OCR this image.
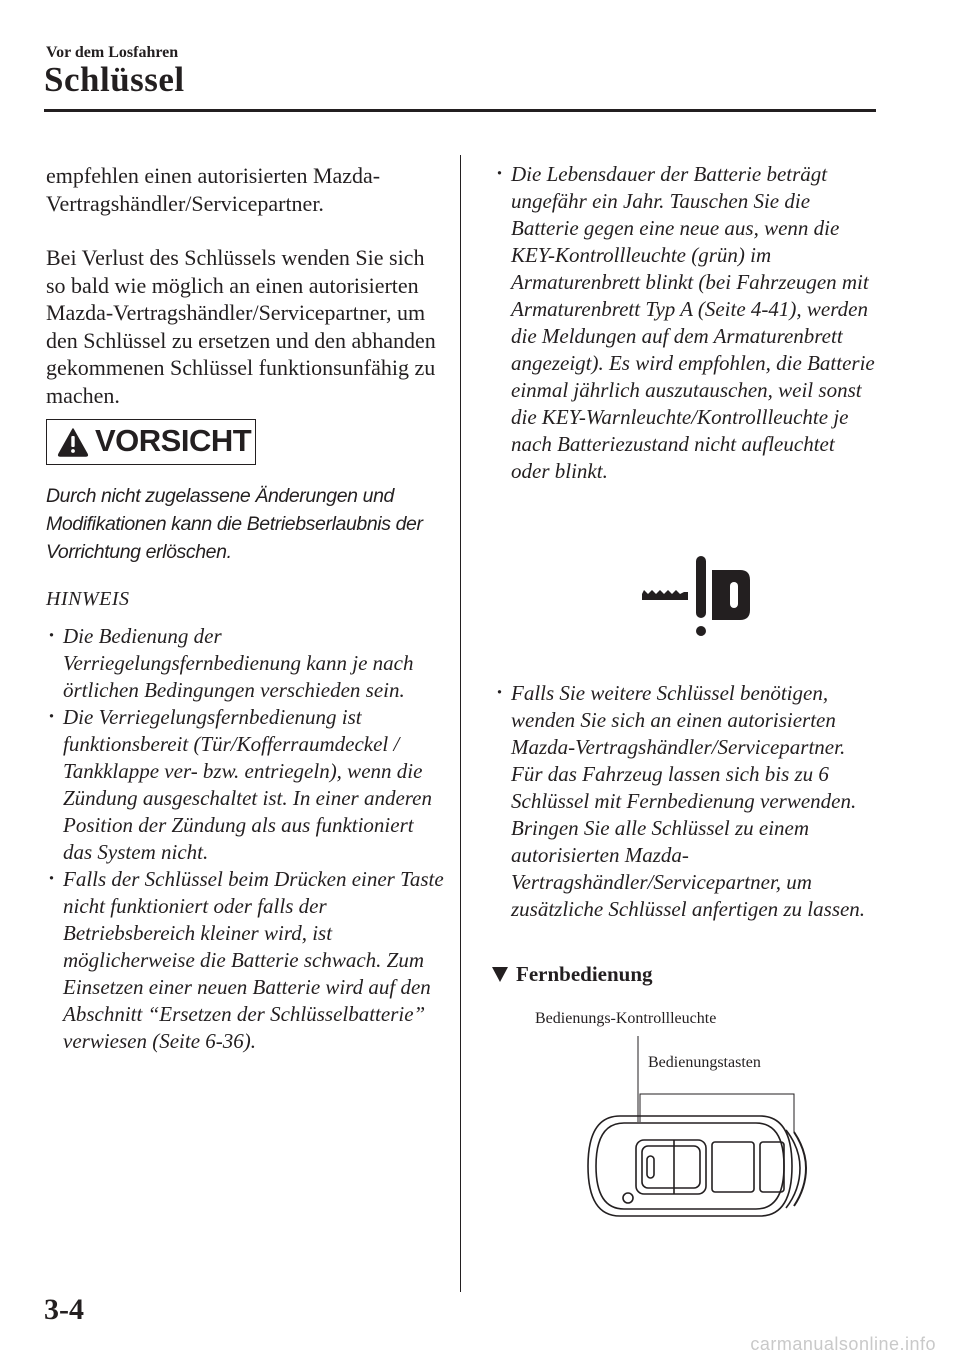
Vor dem Losfahren
Schlüssel

empfehlen einen autorisierten Mazda-Vertragshändler/Servicepartner.

Bei Verlust des Schlüssels wenden Sie sich so bald wie möglich an einen autorisierten Mazda-Vertragshändler/Servicepartner, um den Schlüssel zu ersetzen und den abhanden gekommenen Schlüssel funktionsunfähig zu machen.

VORSICHT
Durch nicht zugelassene Änderungen und Modifikationen kann die Betriebserlaubnis der Vorrichtung erlöschen.
HINWEIS
· Die Bedienung der Verriegelungsfernbedienung kann je nach örtlichen Bedingungen verschieden sein.
· Die Verriegelungsfernbedienung ist funktionsbereit (Tür/Kofferraumdeckel / Tankklappe ver- bzw. entriegeln), wenn die Zündung ausgeschaltet ist. In einer anderen Position der Zündung als aus funktioniert das System nicht.
· Falls der Schlüssel beim Drücken einer Taste nicht funktioniert oder falls der Betriebsbereich kleiner wird, ist möglicherweise die Batterie schwach. Zum Einsetzen einer neuen Batterie wird auf den Abschnitt “Ersetzen der Schlüsselbatterie” verwiesen (Seite 6-36).
· Die Lebensdauer der Batterie beträgt ungefähr ein Jahr. Tauschen Sie die Batterie gegen eine neue aus, wenn die KEY-Kontrollleuchte (grün) im Armaturenbrett blinkt (bei Fahrzeugen mit Armaturenbrett Typ A (Seite 4-41), werden die Meldungen auf dem Armaturenbrett angezeigt). Es wird empfohlen, die Batterie einmal jährlich auszutauschen, weil sonst die KEY-Warnleuchte/Kontrollleuchte je nach Batteriezustand nicht aufleuchtet oder blinkt.
· Falls Sie weitere Schlüssel benötigen, wenden Sie sich an einen autorisierten Mazda-Vertragshändler/Servicepartner. Für das Fahrzeug lassen sich bis zu 6 Schlüssel mit Fernbedienung verwenden. Bringen Sie alle Schlüssel zu einem autorisierten Mazda-Vertragshändler/Servicepartner, um zusätzliche Schlüssel anfertigen zu lassen.
Fernbedienung
Bedienungs-Kontrollleuchte
Bedienungstasten
3-4
carmanualsonline.info
